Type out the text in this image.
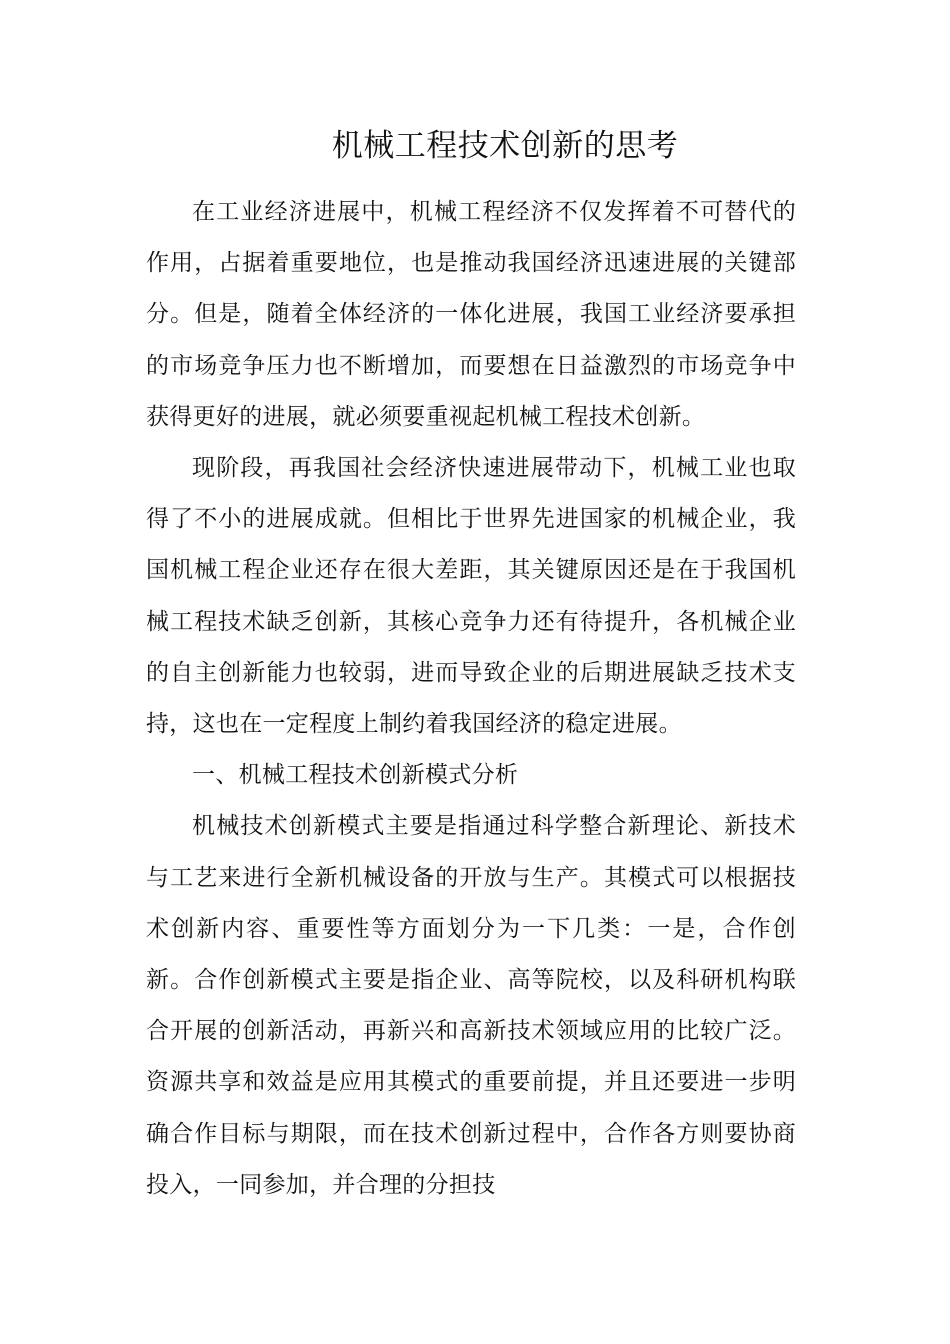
机械工程技术创新的思考

在工业经济进展中，机械工程经济不仅发挥着不可替代的作用，占据着重要地位，也是推动我国经济迅速进展的关键部分。但是，随着全体经济的一体化进展，我国工业经济要承担的市场竞争压力也不断增加，而要想在日益激烈的市场竞争中获得更好的进展，就必须要重视起机械工程技术创新。

现阶段，再我国社会经济快速进展带动下，机械工业也取得了不小的进展成就。但相比于世界先进国家的机械企业，我国机械工程企业还存在很大差距，其关键原因还是在于我国机械工程技术缺乏创新，其核心竞争力还有待提升，各机械企业的自主创新能力也较弱，进而导致企业的后期进展缺乏技术支持，这也在一定程度上制约着我国经济的稳定进展。

一、机械工程技术创新模式分析

机械技术创新模式主要是指通过科学整合新理论、新技术与工艺来进行全新机械设备的开放与生产。其模式可以根据技术创新内容、重要性等方面划分为一下几类：一是，合作创新。合作创新模式主要是指企业、高等院校，以及科研机构联合开展的创新活动，再新兴和高新技术领域应用的比较广泛。资源共享和效益是应用其模式的重要前提，并且还要进一步明确合作目标与期限，而在技术创新过程中，合作各方则要协商投入，一同参加，并合理的分担技
